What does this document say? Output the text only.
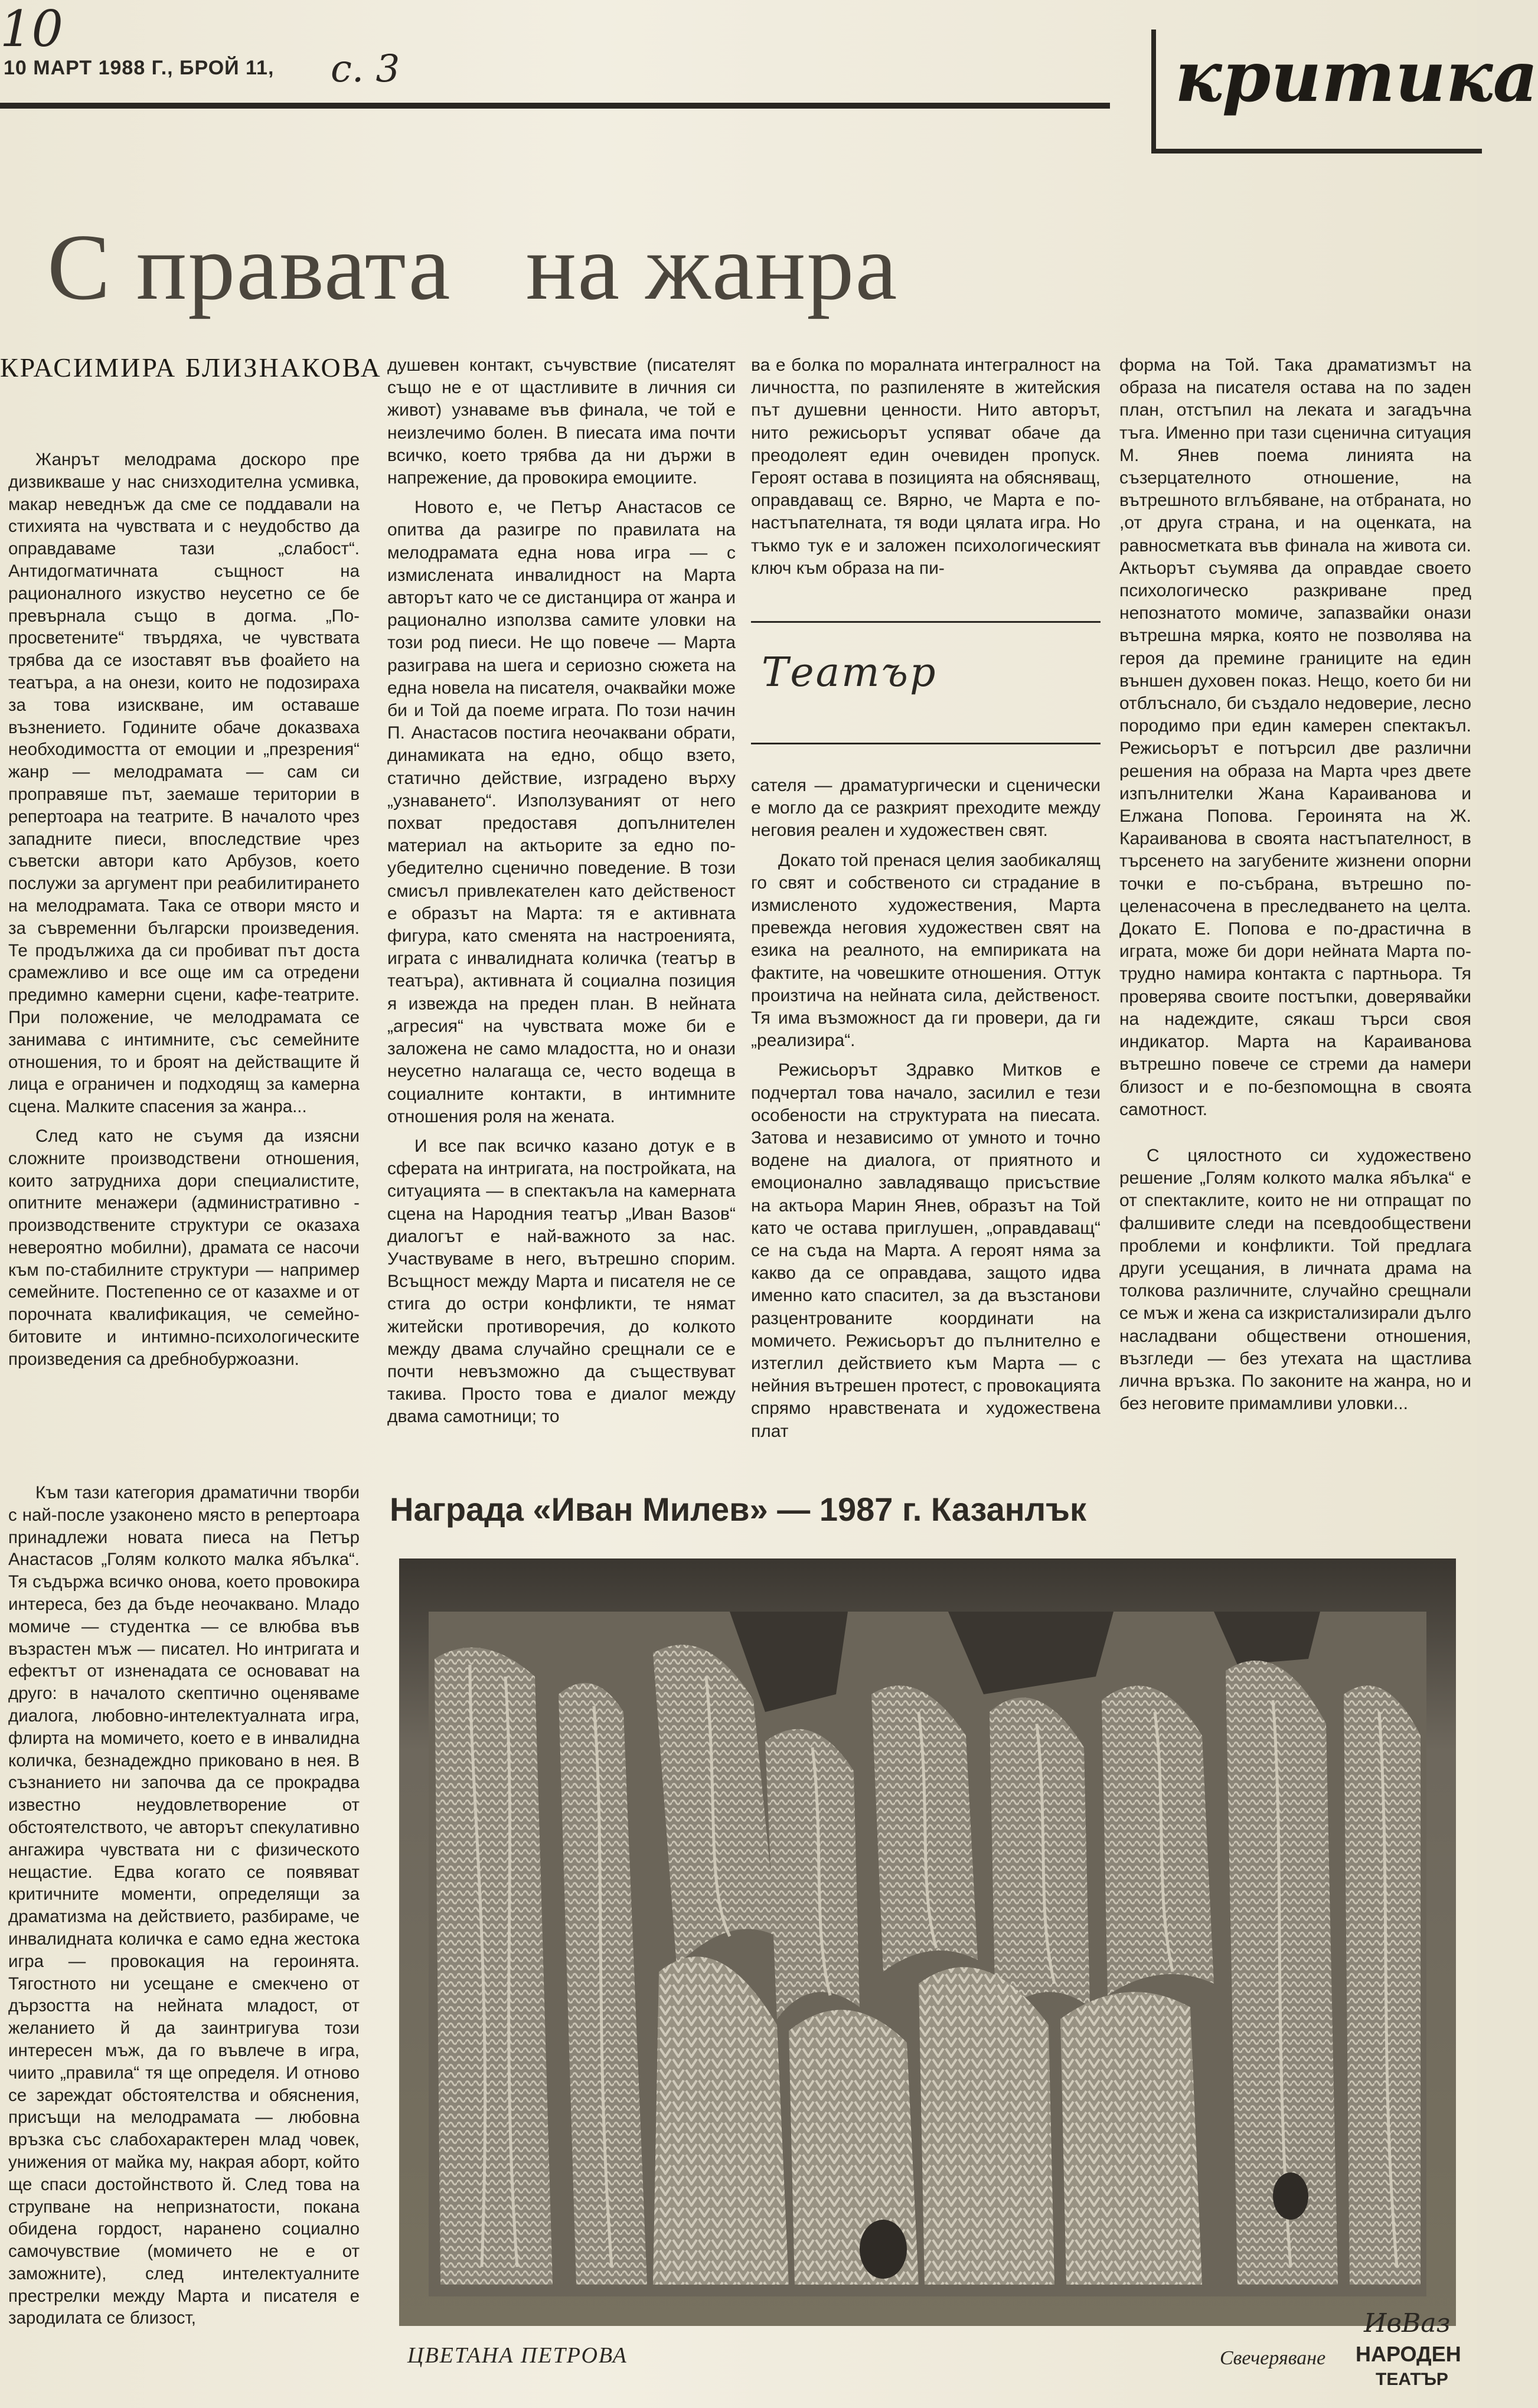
10
10 МАРТ 1988 Г., БРОЙ 11, с. 3	критика
С правата   на жанра
КРАСИМИРА БЛИЗНАКОВА

Жанрът мелодрама доскоро пре дизвикваше у нас снизходителна усмивка, макар неведнъж да сме се поддавали на стихията на чувствата и с неудобство да оправдаваме тази „слабост“. Антидогматичната същност на рационалного изкуство неусетно се бе превърнала също в догма. „По-просветените“ твърдяха, че чувствата трябва да се изоставят във фоайето на театъра, а на онези, които не подозираха за това изискване, им оставаше възнението. Годините обаче доказваха необходимостта от емоции и „презрения“ жанр — мелодрамата — сам си проправяше път, заемаше територии в репертоара на театрите. В началото чрез западните пиеси, впоследствие чрез съветски автори като Арбузов, което послужи за аргумент при реабилитирането на мелодрамата. Така се отвори място и за съвременни български произведения. Те продължиха да си пробиват път доста срамежливо и все още им са отредени предимно камерни сцени, кафе-театрите. При положение, че мелодрамата се занимава с интимните, със семейните отношения, то и броят на действащите й лица е ограничен и подходящ за камерна сцена. Малките спасения за жанра...

След като не съумя да изясни сложните производствени отношения, които затрудниха дори специалистите, опитните менажери (административно - производствените структури се оказаха невероятно мобилни), драмата се насочи към по-стабилните структури — например семейните. Постепенно се от казахме и от порочната квалификация, че семейно-битовите и интимно-психологическите произведения са дребнобуржоазни.

Към тази категория драматични творби с най-после узаконено място в репертоара принадлежи новата пиеса на Петър Анастасов „Голям колкото малка ябълка“. Тя съдържа всичко онова, което провокира интереса, без да бъде неочаквано. Младо момиче — студентка — се влюбва във възрастен мъж — писател. Но интригата и ефектът от изненадата се основават на друго: в началото скептично оценяваме диалога, любовно-интелектуалната игра, флирта на момичето, което е в инвалидна количка, безнадеждно приковано в нея. В съзнанието ни започва да се прокрадва известно неудовлетворение от обстоятелството, че авторът спекулативно ангажира чувствата ни с физическото нещастие. Едва когато се появяват критичните моменти, определящи за драматизма на действието, разбираме, че инвалидната количка е само една жестока игра — провокация на героинята. Тягостното ни усещане е смекчено от дързостта на нейната младост, от желанието й да заинтригува този интересен мъж, да го въвлече в игра, чиито „правила“ тя ще определя. И отново се зареждат обстоятелства и обяснения, присъщи на мелодрамата — любовна връзка със слабохарактерен млад човек, унижения от майка му, накрая аборт, който ще спаси достойнството й. След това на струпване на непризнатости, покана обидена гордост, наранено социално самочувствие (момичето не е от заможните), след интелектуалните престрелки между Марта и писателя е зародилата се близост,

душевен контакт, съчувствие (писателят също не е от щастливите в личния си живот) узнаваме във финала, че той е неизлечимо болен. В пиесата има почти всичко, което трябва да ни държи в напрежение, да провокира емоциите.

Новото е, че Петър Анастасов се опитва да разигре по правилата на мелодрамата една нова игра — с измислената инвалидност на Марта авторът като че се дистанцира от жанра и рационално използва самите уловки на този род пиеси. Не що повече — Марта разиграва на шега и сериозно сюжета на една новела на писателя, очаквайки може би и Той да поеме играта. По този начин П. Анастасов постига неочаквани обрати, динамиката на едно, общо взето, статично действие, изградено върху „узнаването“. Използуваният от него похват предоставя допълнителен материал на актьорите за едно по-убедително сценично поведение. В този смисъл привлекателен като действеност е образът на Марта: тя е активната фигура, като сменята на настроенията, играта с инвалидната количка (театър в театъра), активната й социална позиция я извежда на преден план. В нейната „агресия“ на чувствата може би е заложена не само младостта, но и онази неусетно налагаща се, често водеща в социалните контакти, в интимните отношения роля на жената.

И все пак всичко казано дотук е в сферата на интригата, на постройката, на ситуацията — в спектакъла на камерната сцена на Народния театър „Иван Вазов“ диалогът е най-важното за нас. Участвуваме в него, вътрешно спорим. Всъщност между Марта и писателя не се стига до остри конфликти, те нямат житейски противоречия, до колкото между двама случайно срещнали се е почти невъзможно да съществуват такива. Просто това е диалог между двама самотници; то

ва е болка по моралната интегралност на личността, по разпиленяте в житейския път душевни ценности. Нито авторът, нито режисьорът успяват обаче да преодолеят един очевиден пропуск. Героят остава в позицията на обясняващ, оправдаващ се. Вярно, че Марта е по-настъпателната, тя води цялата игра. Но тъкмо тук е и заложен психологическият ключ към образа на пи-

Театър

сателя — драматургически и сценически е могло да се разкрият преходите между неговия реален и художествен свят.

Докато той пренася целия заобикалящ го свят и собственото си страдание в измисленото художествения, Марта превежда неговия художествен свят на езика на реалното, на емпириката на фактите, на човешките отношения. Оттук произтича на нейната сила, действеност. Тя има възможност да ги провери, да ги „реализира“.

Режисьорът Здравко Митков е подчертал това начало, засилил е тези особености на структурата на пиесата. Затова и независимо от умното и точно водене на диалога, от приятното и емоционално завладяващо присъствие на актьора Марин Янев, образът на Той като че остава приглушен, „оправдаващ“ се на съда на Марта. А героят няма за какво да се оправдава, защото идва именно като спасител, за да възстанови разцентрованите координати на момичето. Режисьорът до пълнително е изтеглил действието към Марта — с нейния вътрешен протест, с провокацията спрямо нравствената и художествена плат

форма на Той. Така драматизмът на образа на писателя остава на по заден план, отстъпил на леката и загадъчна тъга. Именно при тази сценична ситуация М. Янев поема линията на съзерцателното отношение, на вътрешното вглъбяване, на отбраната, но ,от друга страна, и на оценката, на равносметката във финала на живота си. Актьорът съумява да оправдае своето психологическо разкриване пред непознатото момиче, запазвайки онази вътрешна мярка, която не позволява на героя да премине границите на един външен духовен показ. Нещо, което би ни отблъснало, би създало недоверие, лесно породимо при един камерен спектакъл. Режисьорът е потърсил две различни решения на образа на Марта чрез двете изпълнителки Жана Караиванова и Елжана Попова. Героинята на Ж. Караиванова в своята настъпателност, в търсенето на загубените жизнени опорни точки е по-събрана, вътрешно по-целенасочена в преследването на целта. Докато Е. Попова е по-драстична в играта, може би дори нейната Марта по-трудно намира контакта с партньора. Тя проверява своите постъпки, доверявайки на надеждите, сякаш търси своя индикатор. Марта на Караиванова вътрешно повече се стреми да намери близост и е по-безпомощна в своята самотност.

С цялостното си художествено решение „Голям колкото малка ябълка“ е от спектаклите, които не ни отпращат по фалшивите следи на псевдообществени проблеми и конфликти. Той предлага други усещания, в личната драма на толкова различните, случайно срещнали се мъж и жена са изкристализирали дълго насладвани обществени отношения, възгледи — без утехата на щастлива лична връзка. По законите на жанра, но и без неговите примамливи уловки...

Награда «Иван Милев» — 1987 г. Казанлък
ЦВЕТАНА ПЕТРОВА	Свечеряване
ИвВаз
НАРОДЕН
ТЕАТЪР
